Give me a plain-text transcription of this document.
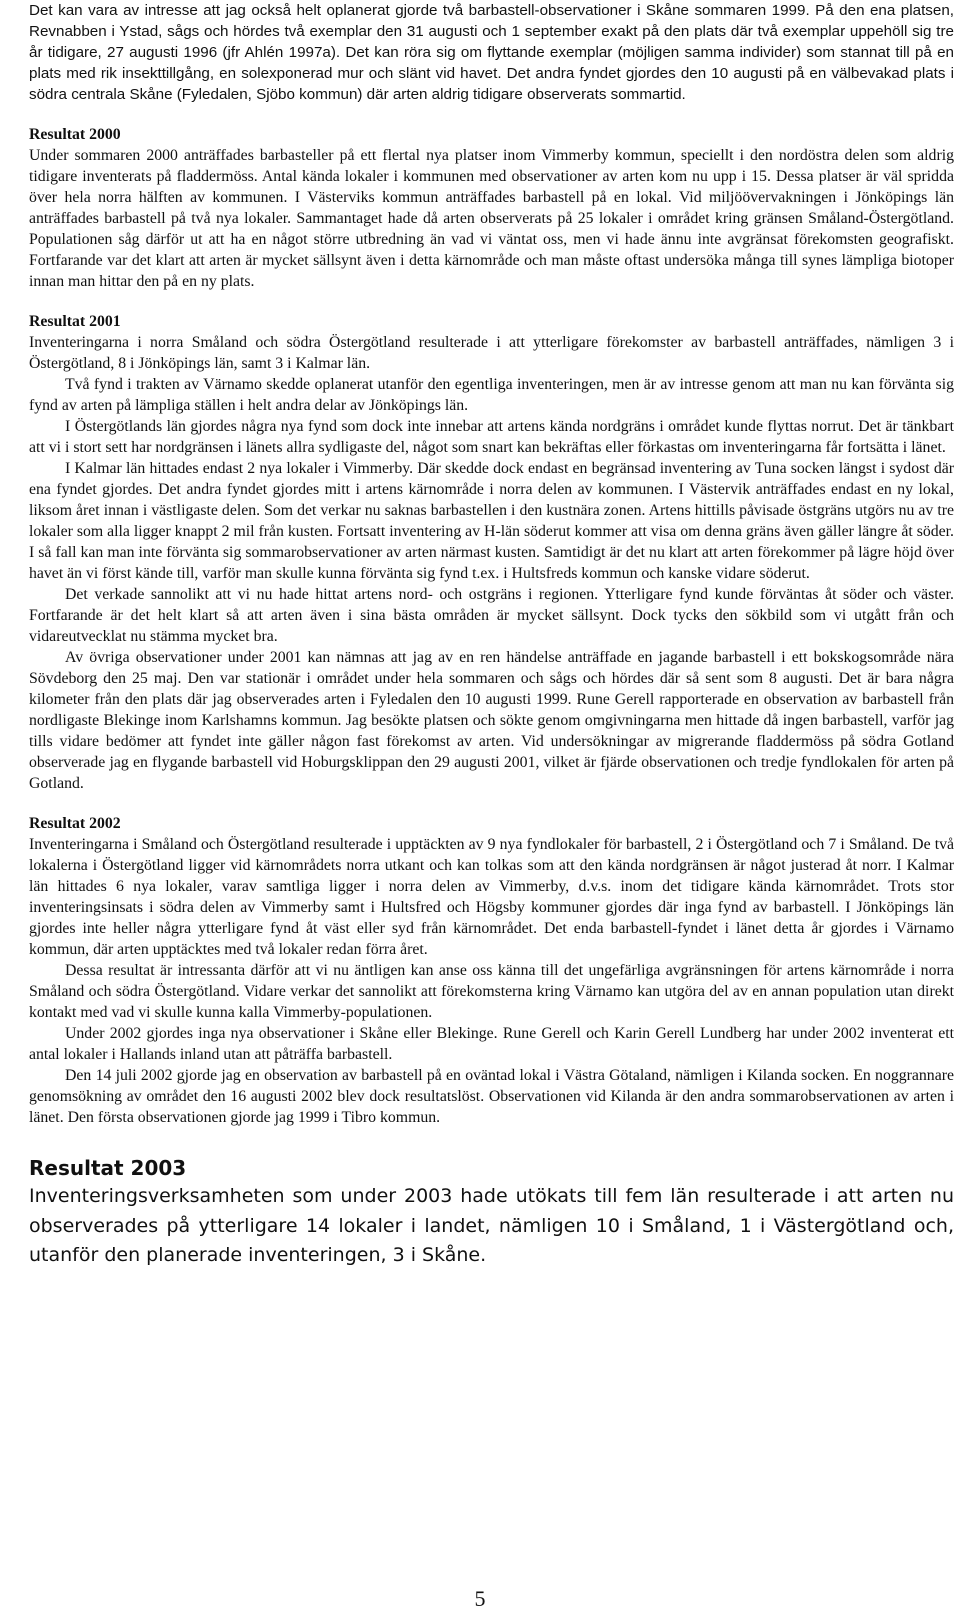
Det kan vara av intresse att jag också helt oplanerat gjorde två barbastell-observationer i Skåne sommaren 1999. På den ena platsen, Revnabben i Ystad, sågs och hördes två exemplar den 31 augusti och 1 september exakt på den plats där två exemplar uppehöll sig tre år tidigare, 27 augusti 1996 (jfr Ahlén 1997a). Det kan röra sig om flyttande exemplar (möjligen samma individer) som stannat till på en plats med rik insekttillgång, en solexponerad mur och slänt vid havet. Det andra fyndet gjordes den 10 augusti på en välbevakad plats i södra centrala Skåne (Fyledalen, Sjöbo kommun) där arten aldrig tidigare observerats sommartid.

Resultat 2000

Under sommaren 2000 anträffades barbasteller på ett flertal nya platser inom Vimmerby kommun, speciellt i den nordöstra delen som aldrig tidigare inventerats på fladdermöss. Antal kända lokaler i kommunen med observationer av arten kom nu upp i 15. Dessa platser är väl spridda över hela norra hälften av kommunen. I Västerviks kommun anträffades barbastell på en lokal. Vid miljöövervakningen i Jönköpings län anträffades barbastell på två nya lokaler. Sammantaget hade då arten observerats på 25 lokaler i området kring gränsen Småland-Östergötland. Populationen såg därför ut att ha en något större utbredning än vad vi väntat oss, men vi hade ännu inte avgränsat förekomsten geografiskt. Fortfarande var det klart att arten är mycket sällsynt även i detta kärnområde och man måste oftast undersöka många till synes lämpliga biotoper innan man hittar den på en ny plats.

Resultat 2001

Inventeringarna i norra Småland och södra Östergötland resulterade i att ytterligare förekomster av barbastell anträffades, nämligen 3 i Östergötland, 8 i Jönköpings län, samt 3 i Kalmar län.

Två fynd i trakten av Värnamo skedde oplanerat utanför den egentliga inventeringen, men är av intresse genom att man nu kan förvänta sig fynd av arten på lämpliga ställen i helt andra delar av Jönköpings län.

I Östergötlands län gjordes några nya fynd som dock inte innebar att artens kända nordgräns i området kunde flyttas norrut. Det är tänkbart att vi i stort sett har nordgränsen i länets allra sydligaste del, något som snart kan bekräftas eller förkastas om inventeringarna får fortsätta i länet.

I Kalmar län hittades endast 2 nya lokaler i Vimmerby. Där skedde dock endast en begränsad inventering av Tuna socken längst i sydost där ena fyndet gjordes. Det andra fyndet gjordes mitt i artens kärnområde i norra delen av kommunen. I Västervik anträffades endast en ny lokal, liksom året innan i västligaste delen. Som det verkar nu saknas barbastellen i den kustnära zonen. Artens hittills påvisade östgräns utgörs nu av tre lokaler som alla ligger knappt 2 mil från kusten. Fortsatt inventering av H-län söderut kommer att visa om denna gräns även gäller längre åt söder. I så fall kan man inte förvänta sig sommarobservationer av arten närmast kusten. Samtidigt är det nu klart att arten förekommer på lägre höjd över havet än vi först kände till, varför man skulle kunna förvänta sig fynd t.ex. i Hultsfreds kommun och kanske vidare söderut.

Det verkade sannolikt att vi nu hade hittat artens nord- och ostgräns i regionen. Ytterligare fynd kunde förväntas åt söder och väster. Fortfarande är det helt klart så att arten även i sina bästa områden är mycket sällsynt. Dock tycks den sökbild som vi utgått från och vidareutvecklat nu stämma mycket bra.

Av övriga observationer under 2001 kan nämnas att jag av en ren händelse anträffade en jagande barbastell i ett bokskogsområde nära Sövdeborg den 25 maj. Den var stationär i området under hela sommaren och sågs och hördes där så sent som 8 augusti. Det är bara några kilometer från den plats där jag observerades arten i Fyledalen den 10 augusti 1999. Rune Gerell rapporterade en observation av barbastell från nordligaste Blekinge inom Karlshamns kommun. Jag besökte platsen och sökte genom omgivningarna men hittade då ingen barbastell, varför jag tills vidare bedömer att fyndet inte gäller någon fast förekomst av arten. Vid undersökningar av migrerande fladdermöss på södra Gotland observerade jag en flygande barbastell vid Hoburgsklippan den 29 augusti 2001, vilket är fjärde observationen och tredje fyndlokalen för arten på Gotland.

Resultat 2002

Inventeringarna i Småland och Östergötland resulterade i upptäckten av 9 nya fyndlokaler för barbastell, 2 i Östergötland och 7 i Småland. De två lokalerna i Östergötland ligger vid kärnområdets norra utkant och kan tolkas som att den kända nordgränsen är något justerad åt norr. I Kalmar län hittades 6 nya lokaler, varav samtliga ligger i norra delen av Vimmerby, d.v.s. inom det tidigare kända kärnområdet. Trots stor inventeringsinsats i södra delen av Vimmerby samt i Hultsfred och Högsby kommuner gjordes där inga fynd av barbastell. I Jönköpings län gjordes inte heller några ytterligare fynd åt väst eller syd från kärnområdet. Det enda barbastell-fyndet i länet detta år gjordes i Värnamo kommun, där arten upptäcktes med två lokaler redan förra året.

Dessa resultat är intressanta därför att vi nu äntligen kan anse oss känna till det ungefärliga avgränsningen för artens kärnområde i norra Småland och södra Östergötland. Vidare verkar det sannolikt att förekomsterna kring Värnamo kan utgöra del av en annan population utan direkt kontakt med vad vi skulle kunna kalla Vimmerby-populationen.

Under 2002 gjordes inga nya observationer i Skåne eller Blekinge. Rune Gerell och Karin Gerell Lundberg har under 2002 inventerat ett antal lokaler i Hallands inland utan att påträffa barbastell.

Den 14 juli 2002 gjorde jag en observation av barbastell på en oväntad lokal i Västra Götaland, nämligen i Kilanda socken. En noggrannare genomsökning av området den 16 augusti 2002 blev dock resultatslöst. Observationen vid Kilanda är den andra sommarobservationen av arten i länet. Den första observationen gjorde jag 1999 i Tibro kommun.

Resultat 2003

Inventeringsverksamheten som under 2003 hade utökats till fem län resulterade i att arten nu observerades på ytterligare 14 lokaler i landet, nämligen 10 i Småland, 1 i Västergötland och, utanför den planerade inventeringen, 3 i Skåne.

5
